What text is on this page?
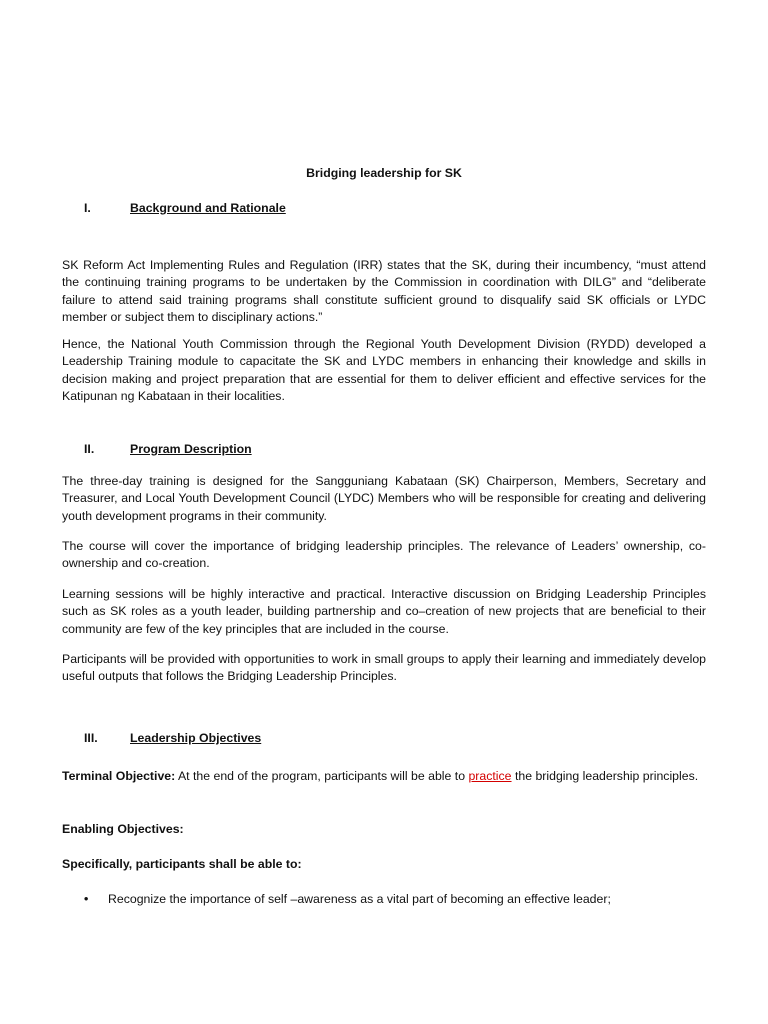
Bridging leadership for SK
I.	Background and Rationale

SK Reform Act Implementing Rules and Regulation (IRR) states that the SK, during their incumbency, “must attend the continuing training programs to be undertaken by the Commission in coordination with DILG” and “deliberate failure to attend said training programs shall constitute sufficient ground to disqualify said SK officials or LYDC member or subject them to disciplinary actions.”

Hence, the National Youth Commission through the Regional Youth Development Division (RYDD) developed a Leadership Training module to capacitate the SK and LYDC members in enhancing their knowledge and skills in decision making and project preparation that are essential for them to deliver efficient and effective services for the Katipunan ng Kabataan in their localities.

II.	Program Description

The three-day training is designed for the Sangguniang Kabataan (SK) Chairperson, Members, Secretary and Treasurer, and Local Youth Development Council (LYDC) Members who will be responsible for creating and delivering youth development programs in their community.

The course will cover the importance of bridging leadership principles. The relevance of Leaders’ ownership, co-ownership and co-creation.

Learning sessions will be highly interactive and practical. Interactive discussion on Bridging Leadership Principles such as SK roles as a youth leader, building partnership and co–creation of new projects that are beneficial to their community are few of the key principles that are included in the course.

Participants will be provided with opportunities to work in small groups to apply their learning and immediately develop useful outputs that follows the Bridging Leadership Principles.

III.	Leadership Objectives

Terminal Objective: At the end of the program, participants will be able to practice the bridging leadership principles.

Enabling Objectives:

Specifically, participants shall be able to:

• Recognize the importance of self –awareness as a vital part of becoming an effective leader;
